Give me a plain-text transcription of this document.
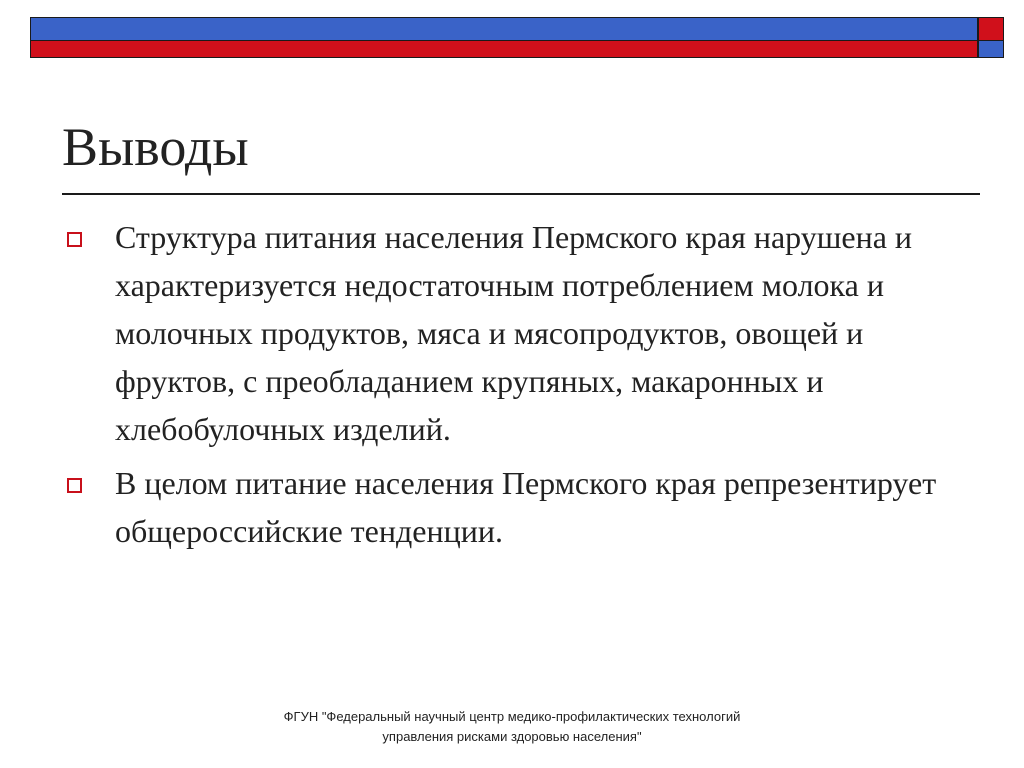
Выводы
Структура питания населения Пермского края нарушена и характеризуется недостаточным потреблением молока и молочных продуктов, мяса и мясопродуктов, овощей и фруктов, с преобладанием крупяных, макаронных и хлебобулочных изделий.
В целом питание населения Пермского края репрезентирует общероссийские тенденции.
ФГУН "Федеральный научный центр медико-профилактических технологий
управления рисками здоровью населения"
